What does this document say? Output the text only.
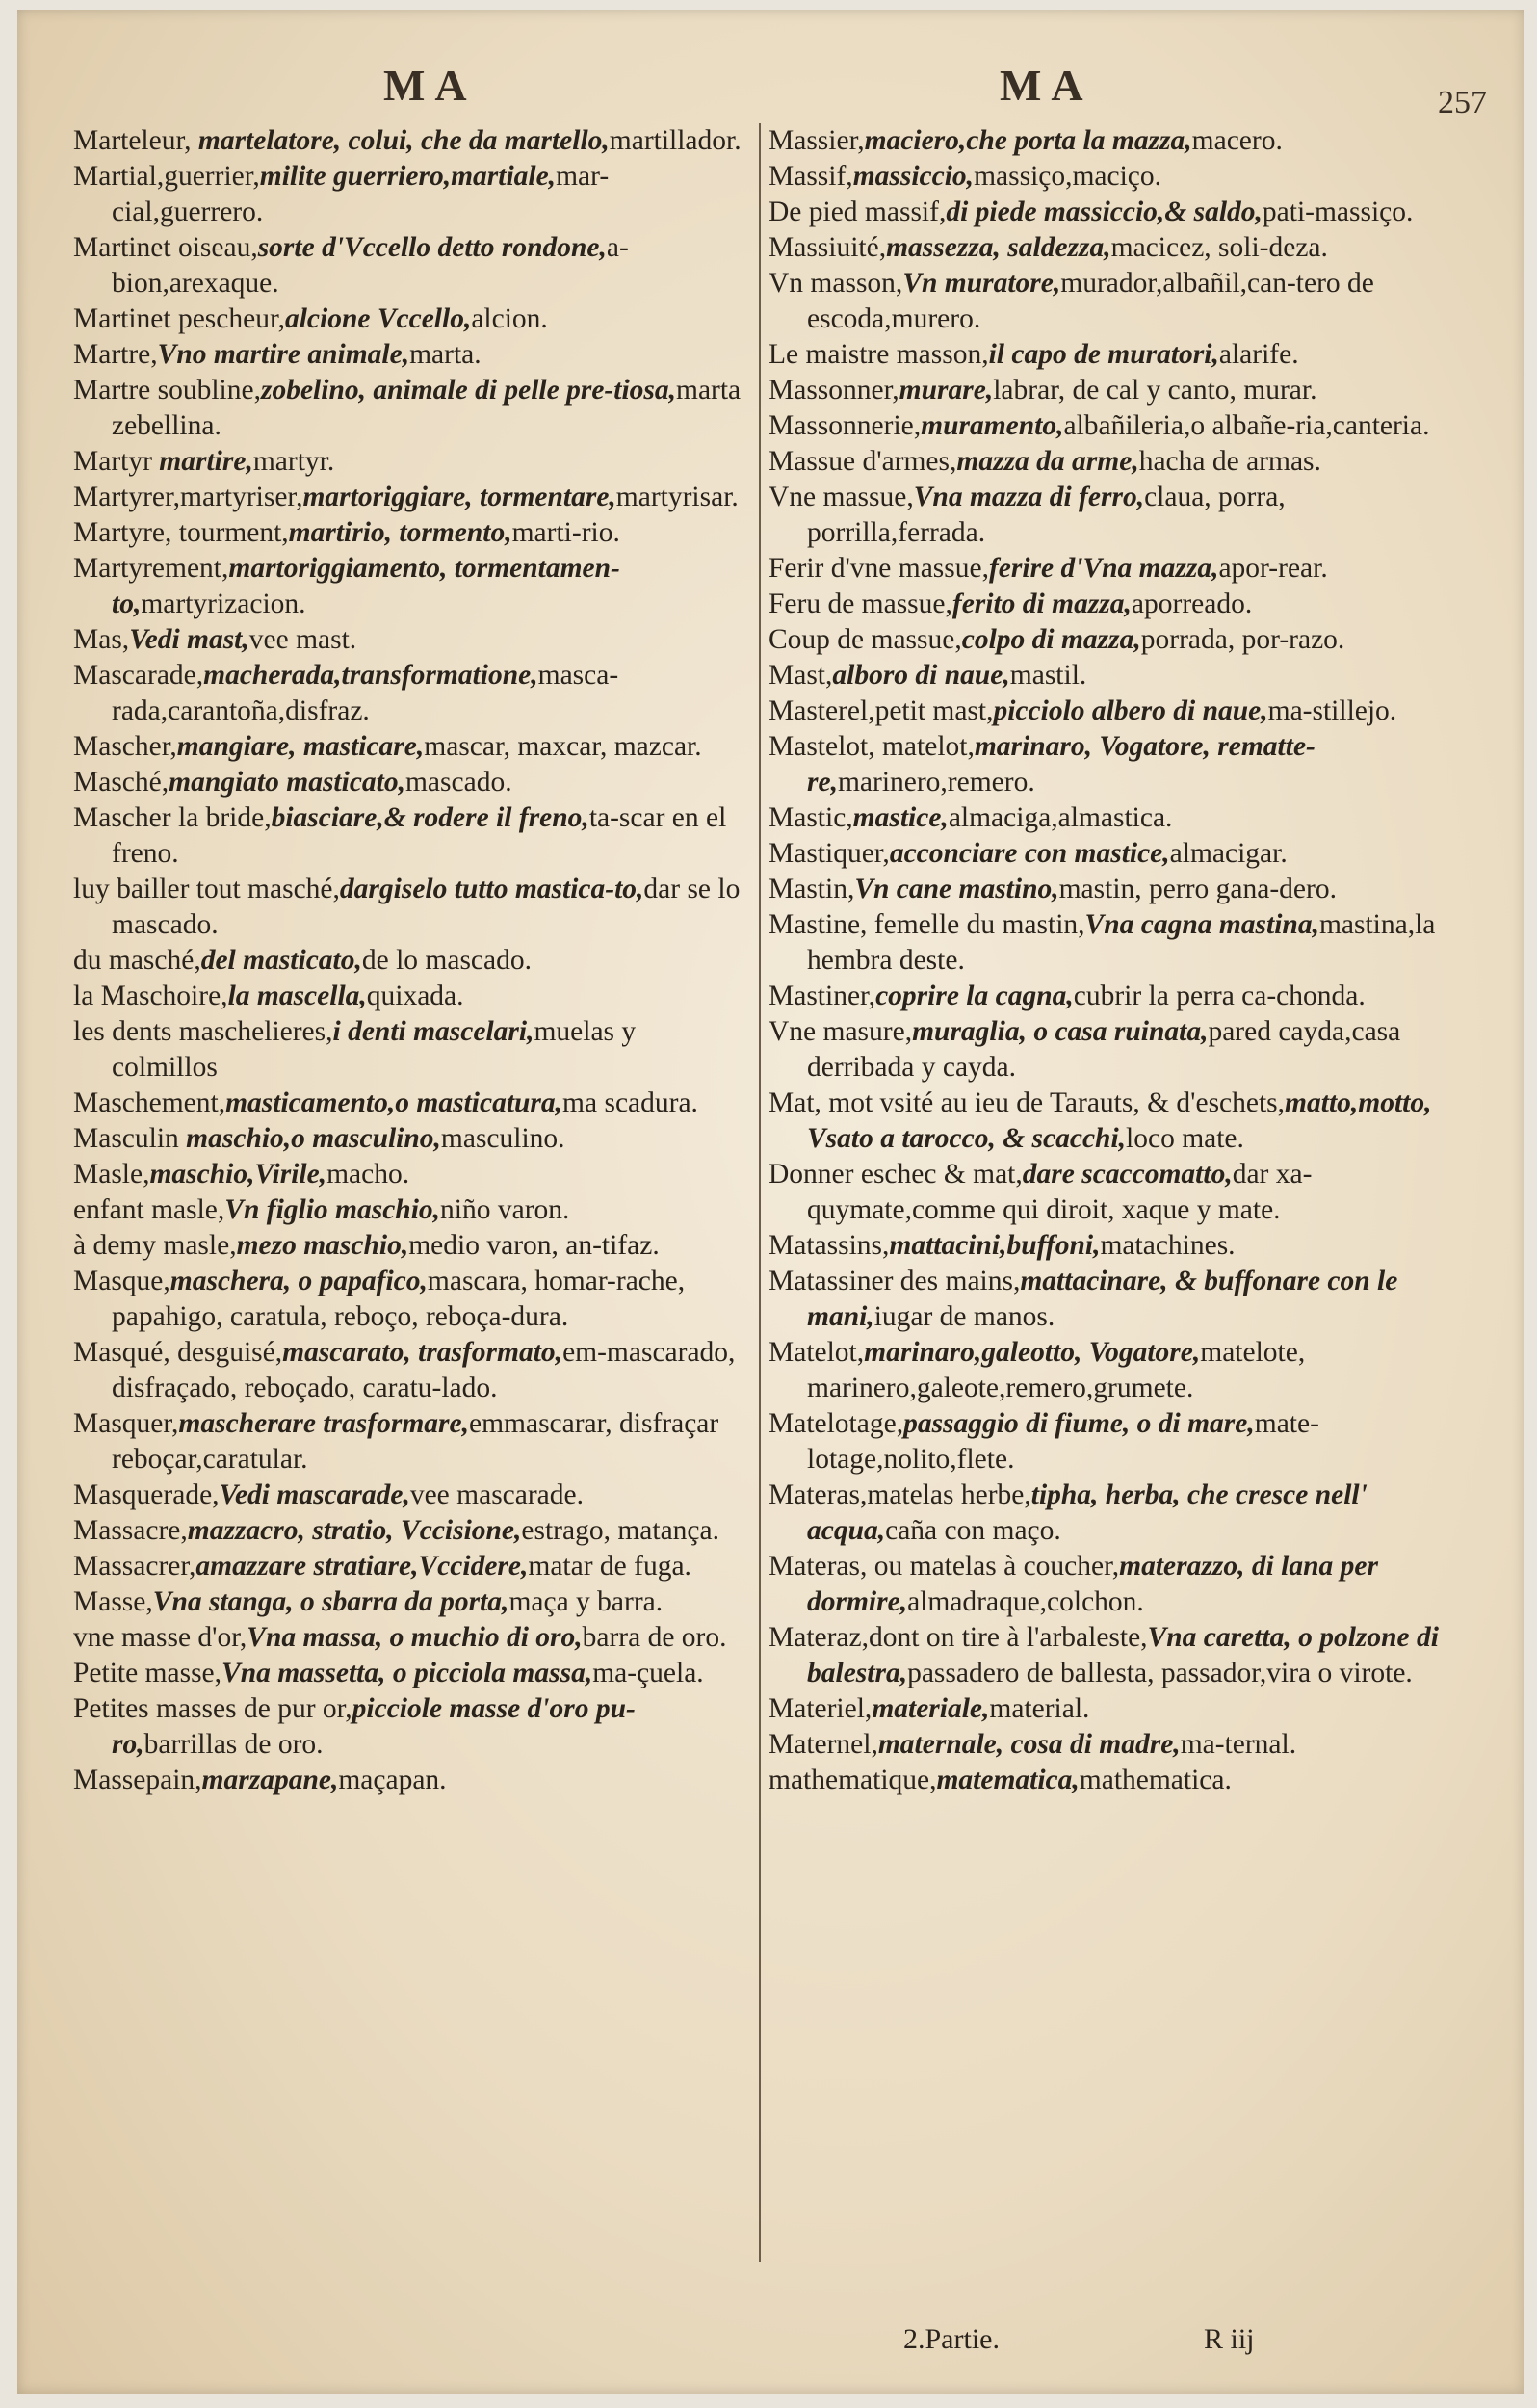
MA	MA	257
Marteleur, martelatore, colui, che da martello,martillador.
Martial,guerrier,milite guerriero,martiale,mar-cial,guerrero.
Martinet oiseau,sorte d'Vccello detto rondone,a-bion,arexaque.
Martinet pescheur,alcione Vccello,alcion.
Martre,Vno martire animale,marta.
Martre soubline,zobelino, animale di pelle pre-tiosa,marta zebellina.
Martyr martire,martyr.
Martyrer,martyriser,martoriggiare, tormentare,martyrisar.
Martyre, tourment,martirio, tormento,marti-rio.
Martyrement,martoriggiamento, tormentamen-to,martyrizacion.
Mas,Vedi mast,vee mast.
Mascarade,macherada,transformatione,masca-rada,carantoña,disfraz.
Mascher,mangiare, masticare,mascar, maxcar, mazcar.
Masché,mangiato masticato,mascado.
Mascher la bride,biasciare,& rodere il freno,ta-scar en el freno.
luy bailler tout masché,dargiselo tutto mastica-to,dar se lo mascado.
du masché,del masticato,de lo mascado.
la Maschoire,la mascella,quixada.
les dents maschelieres,i denti mascelari,muelas y colmillos
Maschement,masticamento,o masticatura,ma scadura.
Masculin maschio,o masculino,masculino.
Masle,maschio,Virile,macho.
enfant masle,Vn figlio maschio,niño varon.
à demy masle,mezo maschio,medio varon, an-tifaz.
Masque,maschera, o papafico,mascara, homar-rache, papahigo, caratula, reboço, reboça-dura.
Masqué, desguisé,mascarato, trasformato,em-mascarado, disfraçado, reboçado, caratu-lado.
Masquer,mascherare trasformare,emmascarar, disfraçar reboçar,caratular.
Masquerade,Vedi mascarade,vee mascarade.
Massacre,mazzacro, stratio, Vccisione,estrago, matança.
Massacrer,amazzare stratiare,Vccidere,matar de fuga.
Masse,Vna stanga, o sbarra da porta,maça y barra.
vne masse d'or,Vna massa, o muchio di oro,barra de oro.
Petite masse,Vna massetta, o picciola massa,ma-çuela.
Petites masses de pur or,picciole masse d'oro pu-ro,barrillas de oro.
Massepain,marzapane,maçapan.
Massier,maciero,che porta la mazza,macero.
Massif,massiccio,massiço,maciço.
De pied massif,di piede massiccio,& saldo,pati-massiço.
Massiuité,massezza, saldezza,macicez, soli-deza.
Vn masson,Vn muratore,murador,albañil,can-tero de escoda,murero.
Le maistre masson,il capo de muratori,alarife.
Massonner,murare,labrar, de cal y canto, murar.
Massonnerie,muramento,albañileria,o albañe-ria,canteria.
Massue d'armes,mazza da arme,hacha de armas.
Vne massue,Vna mazza di ferro,claua, porra, porrilla,ferrada.
Ferir d'vne massue,ferire d'Vna mazza,apor-rear.
Feru de massue,ferito di mazza,aporreado.
Coup de massue,colpo di mazza,porrada, por-razo.
Mast,alboro di naue,mastil.
Masterel,petit mast,picciolo albero di naue,ma-stillejo.
Mastelot, matelot,marinaro, Vogatore, rematte-re,marinero,remero.
Mastic,mastice,almaciga,almastica.
Mastiquer,acconciare con mastice,almacigar.
Mastin,Vn cane mastino,mastin, perro gana-dero.
Mastine, femelle du mastin,Vna cagna mastina,mastina,la hembra deste.
Mastiner,coprire la cagna,cubrir la perra ca-chonda.
Vne masure,muraglia, o casa ruinata,pared cayda,casa derribada y cayda.
Mat, mot vsité au ieu de Tarauts, & d'eschets,matto,motto, Vsato a tarocco, & scacchi,loco mate.
Donner eschec & mat,dare scaccomatto,dar xa-quymate,comme qui diroit, xaque y mate.
Matassins,mattacini,buffoni,matachines.
Matassiner des mains,mattacinare, & buffonare con le mani,iugar de manos.
Matelot,marinaro,galeotto, Vogatore,matelote, marinero,galeote,remero,grumete.
Matelotage,passaggio di fiume, o di mare,mate-lotage,nolito,flete.
Materas,matelas herbe,tipha, herba, che cresce nell' acqua,caña con maço.
Materas, ou matelas à coucher,materazzo, di lana per dormire,almadraque,colchon.
Materaz,dont on tire à l'arbaleste,Vna caretta, o polzone di balestra,passadero de ballesta, passador,vira o virote.
Materiel,materiale,material.
Maternel,maternale, cosa di madre,ma-ternal.
mathematique,matematica,mathematica.
2.Partie.	R iij
